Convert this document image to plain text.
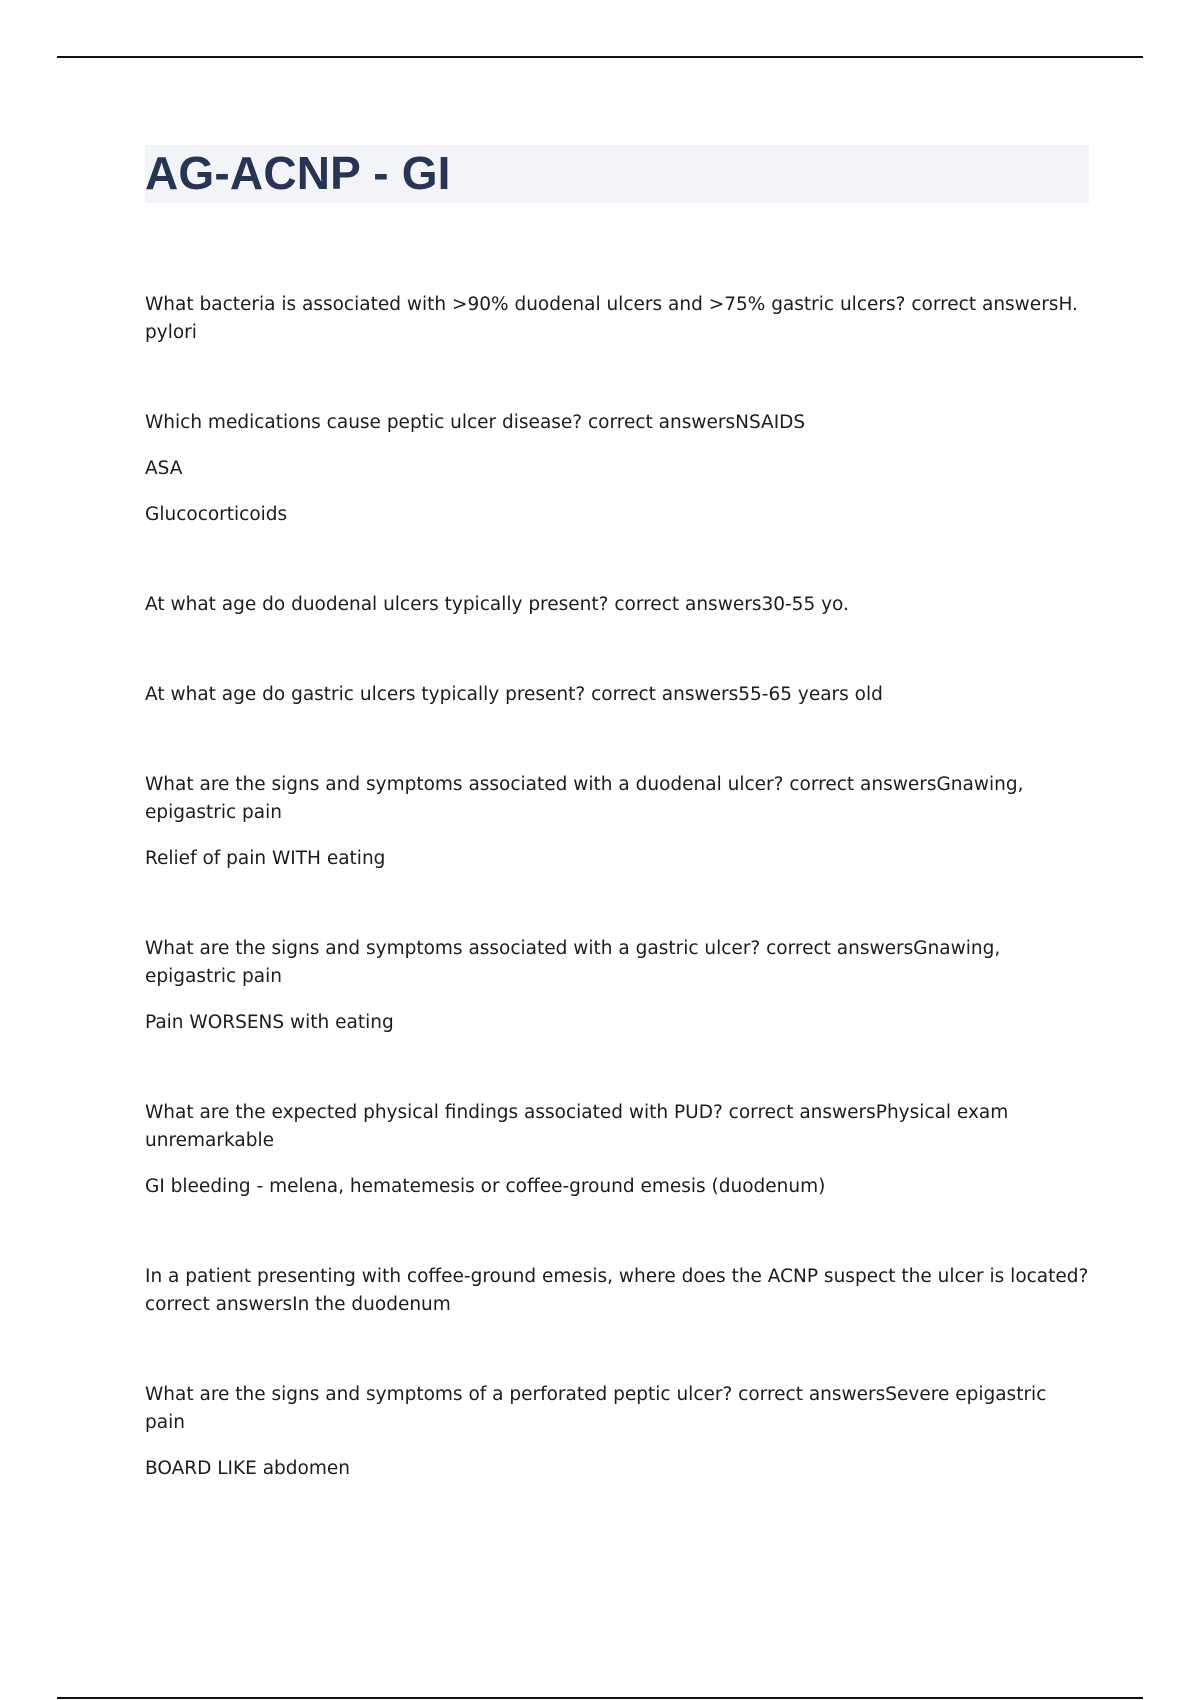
AG-ACNP - GI

What bacteria is associated with >90% duodenal ulcers and >75% gastric ulcers? correct answersH. pylori

Which medications cause peptic ulcer disease? correct answersNSAIDS

ASA

Glucocorticoids

At what age do duodenal ulcers typically present? correct answers30-55 yo.

At what age do gastric ulcers typically present? correct answers55-65 years old

What are the signs and symptoms associated with a duodenal ulcer? correct answersGnawing, epigastric pain

Relief of pain WITH eating

What are the signs and symptoms associated with a gastric ulcer? correct answersGnawing, epigastric pain

Pain WORSENS with eating

What are the expected physical findings associated with PUD? correct answersPhysical exam unremarkable

GI bleeding - melena, hematemesis or coffee-ground emesis (duodenum)

In a patient presenting with coffee-ground emesis, where does the ACNP suspect the ulcer is located? correct answersIn the duodenum

What are the signs and symptoms of a perforated peptic ulcer? correct answersSevere epigastric pain

BOARD LIKE abdomen
